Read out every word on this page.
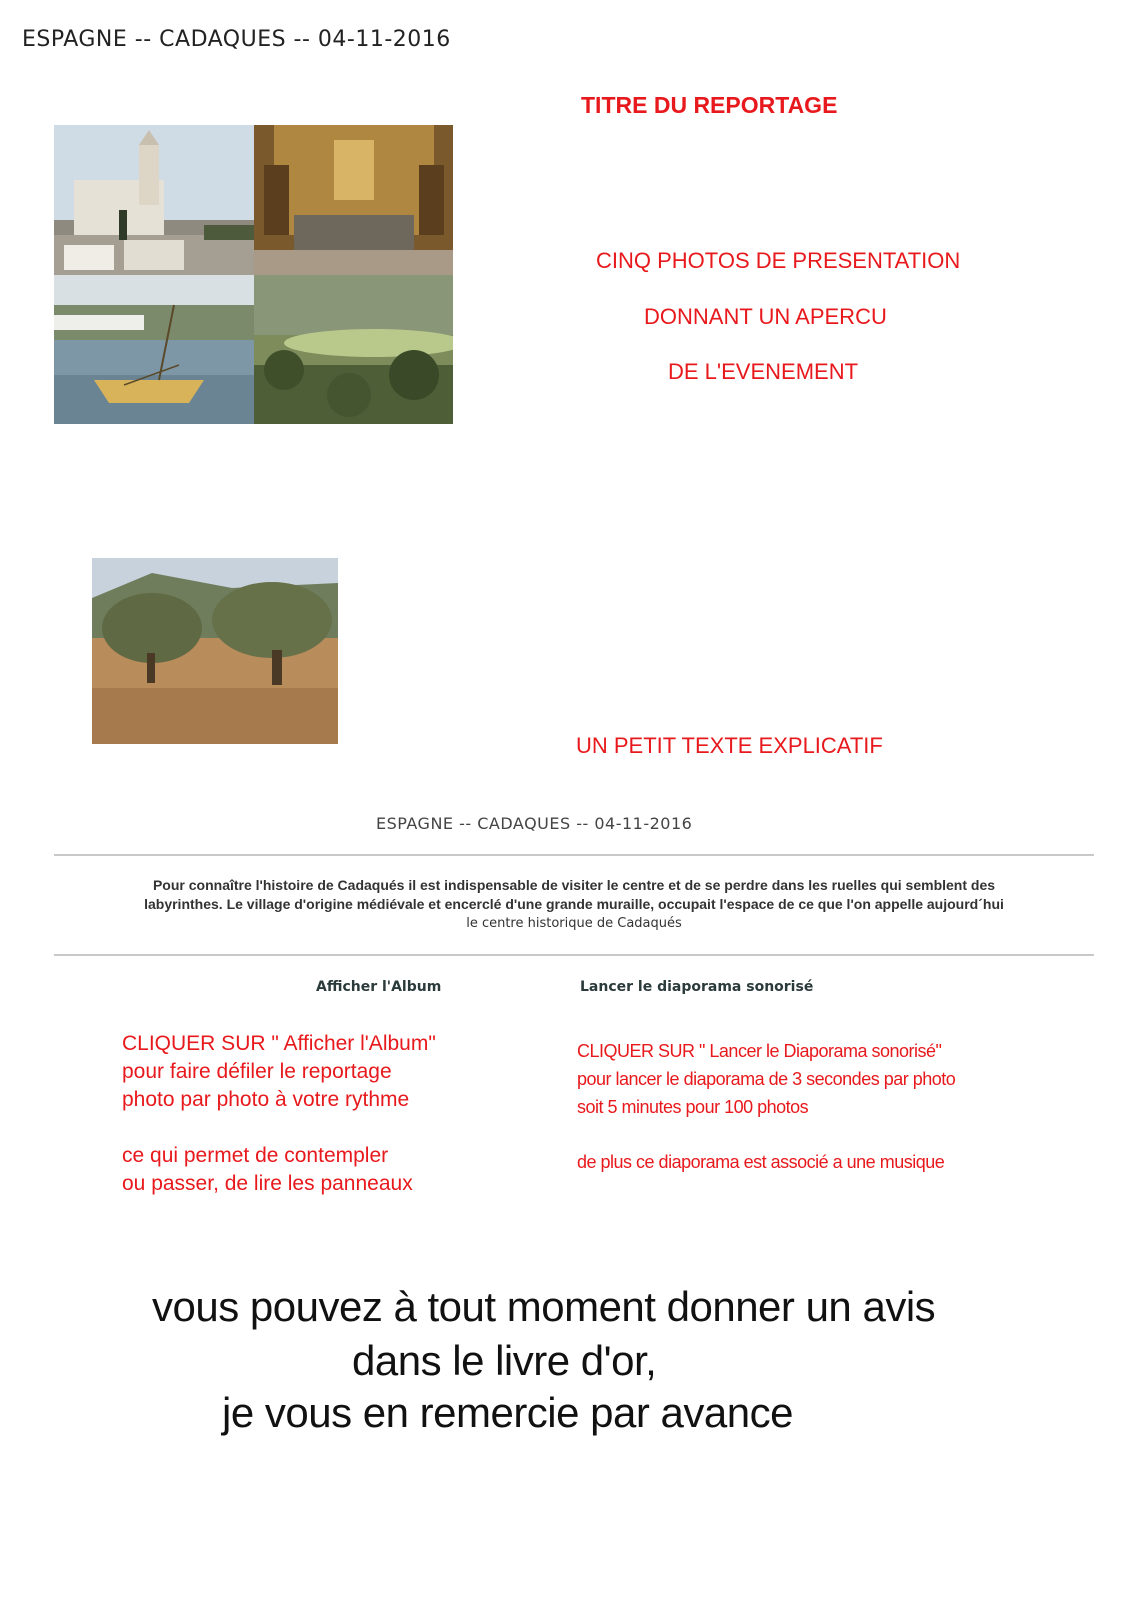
ESPAGNE -- CADAQUES -- 04-11-2016
TITRE DU REPORTAGE
CINQ PHOTOS DE PRESENTATION
DONNANT UN APERCU
DE L'EVENEMENT
UN PETIT TEXTE EXPLICATIF
ESPAGNE -- CADAQUES -- 04-11-2016
Pour connaître l'histoire de Cadaqués il est indispensable de visiter le centre et de se perdre dans les ruelles qui semblent des
labyrinthes. Le village d'origine médiévale et encerclé d'une grande muraille, occupait l'espace de ce que l'on appelle aujourd´hui
le centre historique de Cadaqués
Afficher l'Album	Lancer le diaporama sonorisé
CLIQUER SUR " Afficher l'Album"
pour faire défiler le reportage
photo par photo à votre rythme
ce qui permet de contempler
ou passer, de lire les panneaux
CLIQUER SUR " Lancer le Diaporama sonorisé"
pour lancer le diaporama de 3 secondes par photo
soit 5 minutes pour 100 photos
de plus ce diaporama est associé a une musique
vous pouvez à tout moment donner un avis
dans le livre d'or,
je vous en remercie par avance
